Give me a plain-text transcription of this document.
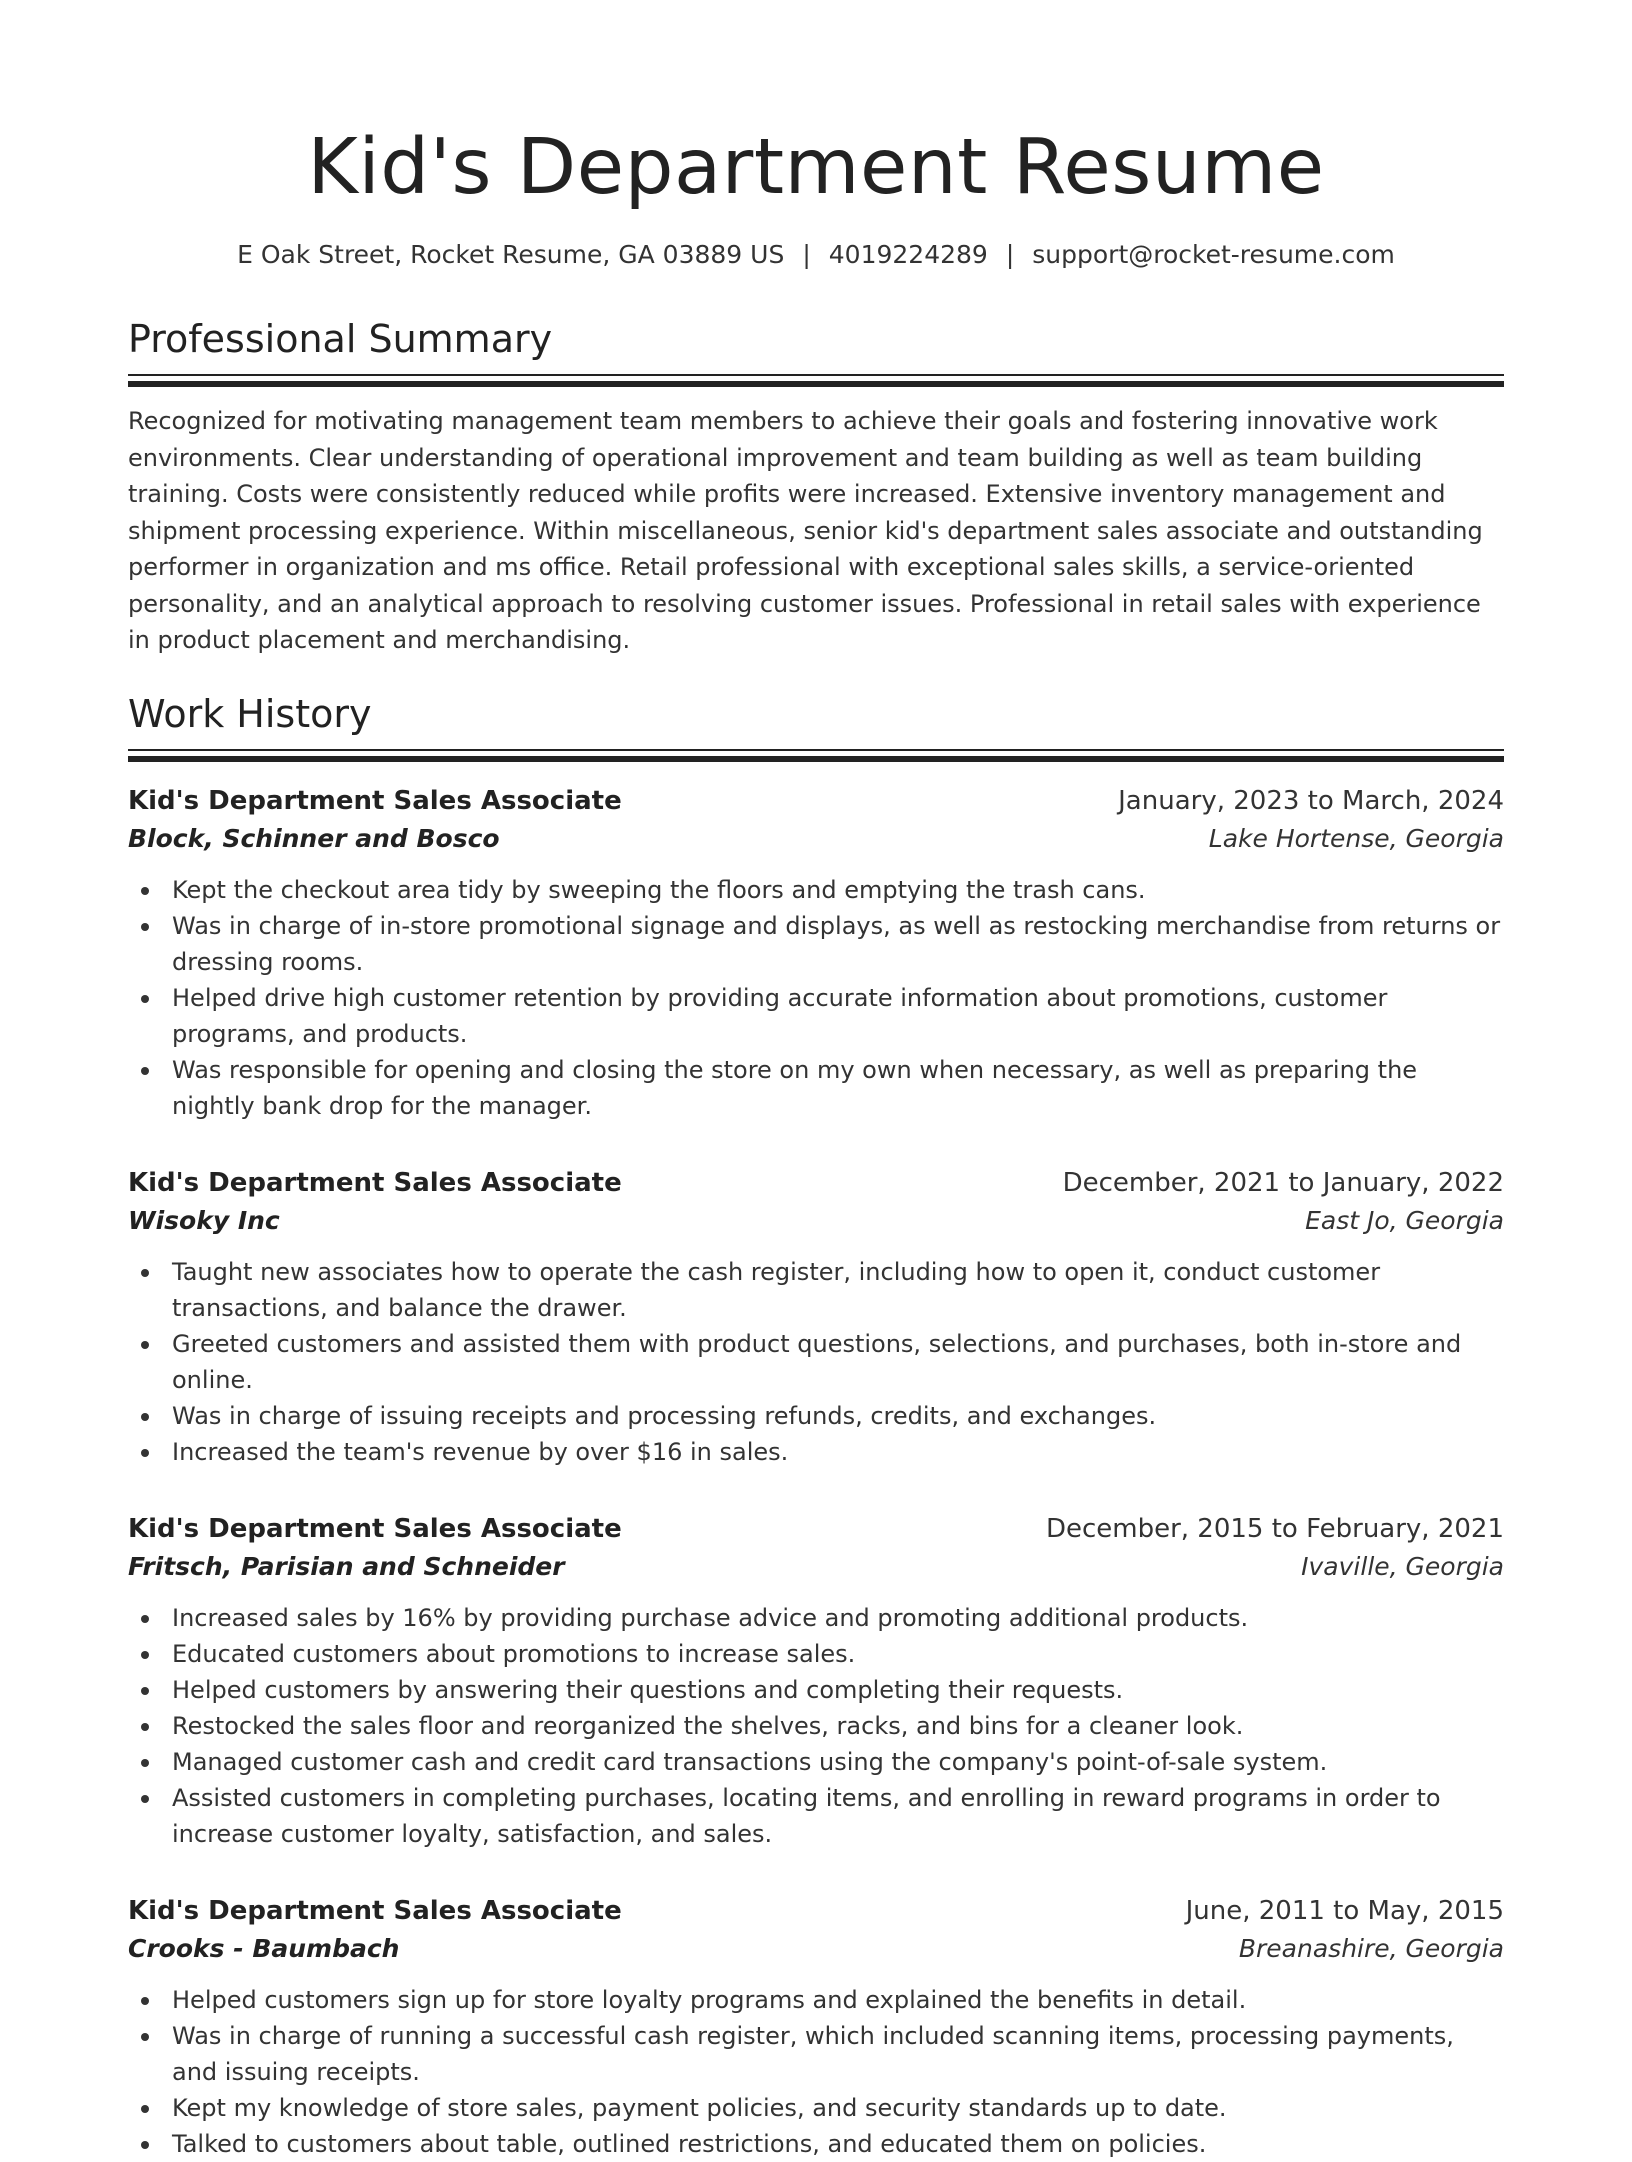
Kid's Department Resume
E Oak Street, Rocket Resume, GA 03889 US | 4019224289 | support@rocket-resume.com
Professional Summary

Recognized for motivating management team members to achieve their goals and fostering innovative work environments. Clear understanding of operational improvement and team building as well as team building training. Costs were consistently reduced while profits were increased. Extensive inventory management and shipment processing experience. Within miscellaneous, senior kid's department sales associate and outstanding performer in organization and ms office. Retail professional with exceptional sales skills, a service-oriented personality, and an analytical approach to resolving customer issues. Professional in retail sales with experience in product placement and merchandising.

Work History
Kid's Department Sales Associate	January, 2023 to March, 2024
Block, Schinner and Bosco	Lake Hortense, Georgia
Kept the checkout area tidy by sweeping the floors and emptying the trash cans.
Was in charge of in-store promotional signage and displays, as well as restocking merchandise from returns or dressing rooms.
Helped drive high customer retention by providing accurate information about promotions, customer programs, and products.
Was responsible for opening and closing the store on my own when necessary, as well as preparing the nightly bank drop for the manager.
Kid's Department Sales Associate	December, 2021 to January, 2022
Wisoky Inc	East Jo, Georgia
Taught new associates how to operate the cash register, including how to open it, conduct customer transactions, and balance the drawer.
Greeted customers and assisted them with product questions, selections, and purchases, both in-store and online.
Was in charge of issuing receipts and processing refunds, credits, and exchanges.
Increased the team's revenue by over $16 in sales.
Kid's Department Sales Associate	December, 2015 to February, 2021
Fritsch, Parisian and Schneider	Ivaville, Georgia
Increased sales by 16% by providing purchase advice and promoting additional products.
Educated customers about promotions to increase sales.
Helped customers by answering their questions and completing their requests.
Restocked the sales floor and reorganized the shelves, racks, and bins for a cleaner look.
Managed customer cash and credit card transactions using the company's point-of-sale system.
Assisted customers in completing purchases, locating items, and enrolling in reward programs in order to increase customer loyalty, satisfaction, and sales.
Kid's Department Sales Associate	June, 2011 to May, 2015
Crooks - Baumbach	Breanashire, Georgia
Helped customers sign up for store loyalty programs and explained the benefits in detail.
Was in charge of running a successful cash register, which included scanning items, processing payments, and issuing receipts.
Kept my knowledge of store sales, payment policies, and security standards up to date.
Talked to customers about table, outlined restrictions, and educated them on policies.
